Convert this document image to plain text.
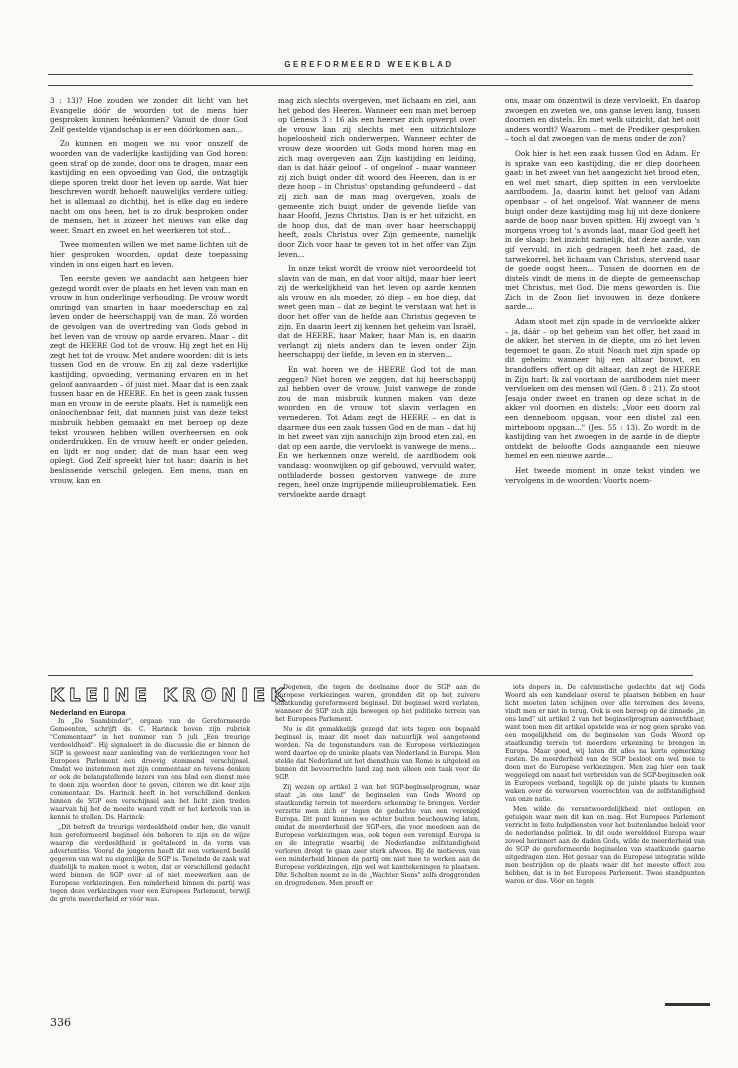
GEREFORMEERD WEEKBLAD

3 : 13)? Hoe zouden we zonder dit licht van het Evangelie dóór de woorden tot de mens hier gesproken kunnen heênkomen? Vanuit de door God Zelf gestelde vijandschap is er een dóórkomen aan...

Zo kunnen en mogen we nu voor onszelf de woorden van de vaderlijke kastijding van God horen: geen straf op de zonde, door ons te dragen, maar een kastijding en een opvoeding van God, die ontzaglijk diepe sporen trekt door het leven op aarde. Wat hier beschreven wordt behoeft nauwelijks verdere uitleg: het is allemaal zo dichtbij, het is elke dag en iedere nacht om ons heen, het is zo druk besproken onder de mensen, het is zozeer het nieuws van elke dag weer. Smart en zweet en het weerkeren tot stof...

Twee momenten willen we met name lichten uit de hier gesproken woorden, opdat deze toepassing vinden in ons eigen hart en leven.

Ten eerste geven we aandacht aan hetgeen hier gezegd wordt over de plaats en het leven van man en vrouw in hun onderlinge verhouding. De vrouw wordt omringd van smarten in haar moederschap en zal leven onder de heerschappij van de man. Zó worden de gevolgen van de overtreding van Gods gebod in het leven van de vrouw op aarde ervaren. Maar – dit zegt de HEERE God tot de vrouw. Hij zegt het en Hij zegt het tot de vrouw. Met andere woorden: dit is iets tussen God en de vrouw. En zij zal deze vaderlijke kastijding, opvoeding, vermaning ervaren en in het geloof aanvaarden – óf juist niet. Maar dat is een zaak tussen haar en de HEERE. En het is geen zaak tussen man en vrouw in de eerste plaats. Het is namelijk een onloochenbaar feit, dat mannen juist van deze tekst misbruik hebben gemaakt en met beroep op deze tekst vrouwen hebben willen overheersen en ook onderdrukken. En de vrouw heeft er onder geleden, en lijdt er nog onder, dat de man haar een weg oplegt. God Zelf spreekt hier tot haar: daarin is het beslissende verschil gelegen. Een mens, man en vrouw, kan en

mag zich slechts overgeven, met lichaam en ziel, aan het gebod des Heeren. Wanneer een man met beroep op Genesis 3 : 16 als een heerser zich opwerpt over de vrouw kan zij slechts met een uitzichtsloze hopeloosheid zich onderwerpen. Wanneer echter de vrouw deze woorden uit Gods mond horen mag en zich mag overgeven aan Zijn kastijding en leiding, dan is dat háár geloof – of ongeloof – maar wanneer zij zich buigt onder dit woord des Heeren, dan is er deze hoop – in Christus' opstanding gefundeerd – dat zij zich aan de man mag overgeven, zoals de gemeente zich buigt onder de gevende liefde van haar Hoofd, Jezus Christus. Dan is er het uitzicht, en de hoop dus, dat de man over haar heerschappij heeft, zoals Christus over Zijn gemeente, namelijk door Zich voor haar te geven tot in het offer van Zijn leven...

In onze tekst wordt de vrouw niet veroordeeld tot slavin van de man, en dat voor altijd, maar hier leert zij de werkelijkheid van het leven op aarde kennen als vrouw en als moeder, zó diep – en hoe diep, dat weet geen man – dat ze begint te verstaan wat het is door het offer van de liefde aan Christus gegeven te zijn. En daarin leert zij kennen het geheim van Israël, dat de HEERE, haar Maker, haar Man is, en daarin verlangt zij niets anders dan te leven onder Zijn heerschappij der liefde, in leven en in sterven...

En wat horen we de HEERE God tot de man zeggen? Niet horen we zeggen, dat hij heerschappij zal hebben over de vrouw. Juist vanwege de zonde zou de man misbruik kunnen maken van deze woorden en de vrouw tot slavin verlagen en vernederen. Tot Adam zegt de HEERE – en dat is daarmee dus een zaak tussen God en de man – dat hij in het zweet van zijn aanschijn zijn brood eten zal, en dat op een aarde, die vervloekt is vanwege de mens... En we herkennen onze wereld, de aardbodem ook vandaag: woonwijken op gif gebouwd, vervuild water, ontbladerde bossen gestorven vanwege de zure regen, heel onze ingrijpende milieuproblematiek. Een vervloekte aarde draagt

ons, maar om ónzentwil is deze vervloekt. En daarop zwoegen en zweten we, ons ganse leven lang, tussen doornen en distels. En met welk uitzicht, dat het ooit anders wordt? Waarom – met de Prediker gesproken – toch al dat zwoegen van de mens onder de zon?

Ook hier is het een zaak tussen God en Adam. Er is sprake van een kastijding, die er diep doorheen gaat: in het zweet van het aangezicht het brood eten, en wel met smart, diep spitten in een vervloekte aardbodem. Ja, daarin komt het geloof van Adam openbaar – of het ongeloof. Wat wanneer de mens buigt onder deze kastijding mag hij uit deze donkere aarde de hoop naar boven spitten. Hij zwoegt van 's morgens vroeg tot 's avonds laat, maar God geeft het in de slaap: het inzicht namelijk, dat deze aarde, van gif vervuld, in zich gedragen heeft het zaad, de tarwekorrel, het lichaam van Christus, stervend naar de goede oogst heen... Tussen de doornen en de distels vindt de mens in de diepte de gemeenschap met Christus, met God. Die mens geworden is. Die Zich in de Zoon liet invouwen in deze donkere aarde...

Adam stoot met zijn spade in de vervloekte akker – ja, dáár – op het geheim van het offer, het zaad in de akker, het sterven in de diepte, om zó het leven tegemoet te gaan. Zo stuit Noach met zijn spade op dit geheim: wanneer hij een altaar bouwt, en brandoffers offert op dit altaar, dan zegt de HEERE in Zijn hart: Ik zal voortaan de aardbodem niet meer vervloeken om des mensen wil (Gen. 8 : 21). Zo stoot Jesaja onder zweet en tranen op deze schat in de akker vol doornen en distels: „Voor een doorn zal een denneboom opgaan, voor een distel zal een mirteboom opgaan..." (Jes. 55 : 13). Zo wordt in de kastijding van het zwoegen in de aarde in de diepte ontdekt de beloofte Gods aangaande een nieuwe hemel en een nieuwe aarde...

Het tweede moment in onze tekst vinden we vervolgens in de woorden: Voorts noem-

KLEINE KRONIEK
Nederland en Europa

In „De Saambinder", orgaan van de Gereformeerde Gemeenten, schrijft ds. C. Harinck boven zijn rubriek "Commentaar" in het nummer van 5 juli „Een treurige verdeeldheid". Hij signaleert in de discussie die er binnen de SGP is geweest naar aanleiding van de verkiezingen voor het Europees Parlement een droevig stemmend verschijnsel. Omdat we instemmen met zijn commentaar en tevens denken er ook de belangstellende lezers van ons blad een dienst mee te doen zijn woorden door te geven, citeren we dit keer zijn commentaar. Ds. Harinck heeft in het verschillend denken binnen de SGP een verschijnsel aan het licht zien treden waarvan hij het de moeite waard vindt er het kerkvolk van in kennis te stellen. Ds. Harinck:

„Dit betreft de treurige verdeeldheid onder hen, die vanuit hun gereformeerd beginsel één behoren te zijn en de wijze waarop die verdeeldheid is geëtaleerd in de vorm van advertenties. Vooral de jongeren heeft dit een verkeerd beeld gegeven van wat nu eigenlijke de SGP is. Teneinde de zaak wat duidelijk te maken moet u weten, dat er verschillend gedacht werd binnen de SGP over al of niet meewerken aan de Europese verkiezingen. Een minderheid binnen de partij was tegen deze verkiezingen voor een Europees Parlement, terwijl de grote meerderheid er vóór was.

Degenen, die tegen de deelname door de SGP aan de Europese verkiezingen waren, grondden dit op het zuivere staatkundig gereformeerd beginsel. Dit beginsel werd verlaten, wanneer de SGP zich zijn bewegen op het politieke terrein van het Europees Parlement.

Nu is dit gemakkelijk gezegd dat iets tegen een bepaald beginsel is, maar dit moet dan natuurlijk wel aangetoond worden. Na de tegenstanders van de Europese verkiezingen werd daartoe op de unieke plaats van Nederland in Europa. Men stelde dat Nederland uit het diensthuis van Rome is uitgeleid en binnen dit bevoorrechte land zag men alleen een taak voor de SGP.

Zij wezen op artikel 2 van het SGP-beginselprogram, waar staat „in ons land" de beginselen van Gods Woord op staatkundig terrein tot meerdere erkenning te brengen. Verder verzette men zich er tegen de gedachte van een verenigd Europa. Dit punt kunnen we echter buiten beschouwing laten, omdat de meerderheid der SGP-ers, die voor meedoen aan de Europese verkiezingen was, ook tegen een verenigd Europa is en de integratie waarbij de Nederlandse zelfstandigheid verloren dreigt te gaan zeer sterk afwees. Bij de motieven van een minderheid binnen de partij om niet mee te werken aan de Europese verkiezingen, zijn wel wat kanttekeningen te plaatsen. Dhr. Scholten noemt ze in de „Wachter Sions" zelfs droggronden en drogredenen. Men proeft er

iets dopers in. De calvinistische gedachte dat wij Gods Woord als een kandelaar overal te plaatsen hebben en haar licht moeten laten schijnen over alle terreinen des levens, vindt men er niet in terug. Ook is een beroep op de zinnede „in ons land" uit artikel 2 van het beginselprogram aanvechtbaar, want toen men dit artikel opstelde was er nog geen sprake van een mogelijkheid om de beginselen van Gods Woord op staatkundig terrein tot meerdere erkenning te brengen in Europa. Maar goed, wij laten dit alles na korte opmerking rusten. De meerderheid van de SGP besloot om wel mee te doen met de Europese verkiezingen. Men zag hier een taak weggelegd om naast het verbreiden van de SGP-beginselen ook in Europees verband, tegelijk op de juiste plaats te kunnen waken over de verworven voorrechten van de zelfstandigheid van onze natie.

Men wilde de verantwoordelijkheid niet ontlopen en getuigen waar men dit kan en mag. Het Europees Parlement verricht in feite hulpdiensten voor het buitenlandse beleid voor de nederlandse politiek. In dit oude werelddeel Europa waar zoveel herinnert aan de daden Gods, wilde de meerderheid van de SGP de gereformeerde beginselen van staatkunde gaarne uitgedragen zien. Het gevaar van de Europese integratie wilde men bestrijden op de plaats waar dit het meeste effect zou hebben, dat is in het Europees Parlement. Twee standpunten waren er dus. Vóór en tegen

336
